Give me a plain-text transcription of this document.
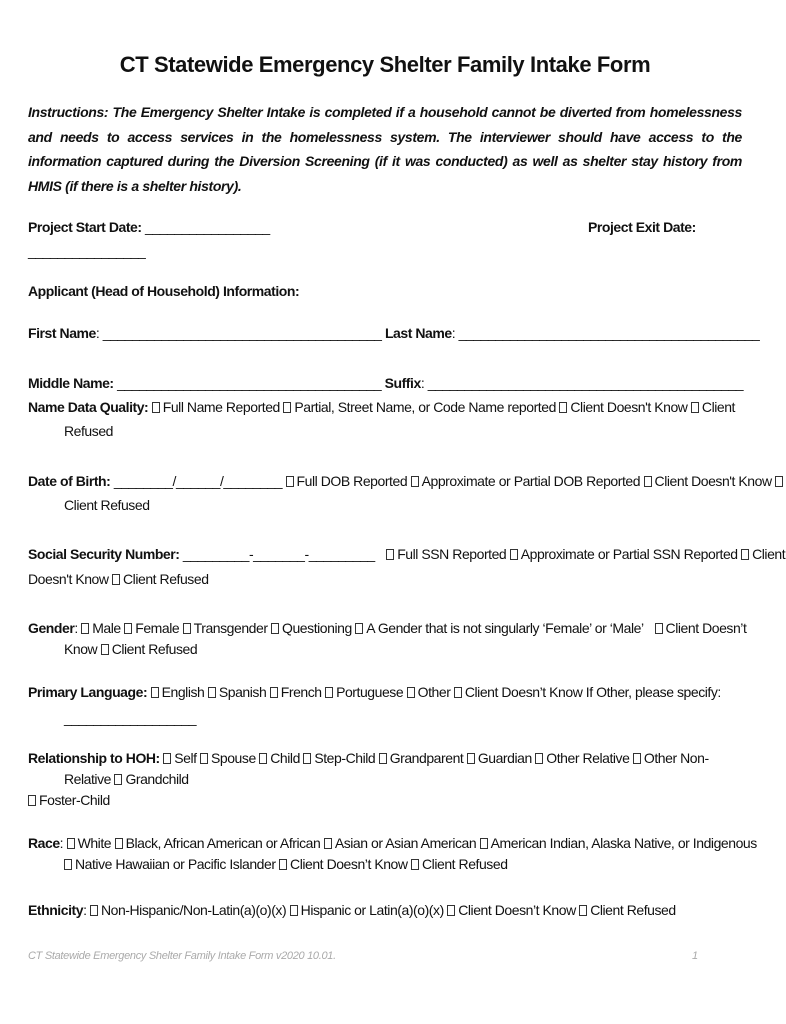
CT Statewide Emergency Shelter Family Intake Form
Instructions: The Emergency Shelter Intake is completed if a household cannot be diverted from homelessness and needs to access services in the homelessness system. The interviewer should have access to the information captured during the Diversion Screening (if it was conducted) as well as shelter stay history from HMIS (if there is a shelter history).
Project Start Date: _________________	Project Exit Date:
________________
Applicant (Head of Household) Information:
First Name: ______________________________________ Last Name: _________________________________________
Middle Name: ____________________________________ Suffix: ___________________________________________
Name Data Quality: Full Name Reported Partial, Street Name, or Code Name reported Client Doesn't Know Client
Refused
Date of Birth: ________/______/________ Full DOB Reported Approximate or Partial DOB Reported Client Doesn't Know
Client Refused
Social Security Number: _________-_______-_________ Full SSN Reported Approximate or Partial SSN Reported Client
Doesn't Know Client Refused
Gender: Male Female Transgender Questioning A Gender that is not singularly ‘Female’ or ‘Male’ Client Doesn’t
Know Client Refused
Primary Language: English Spanish French Portuguese Other Client Doesn’t Know If Other, please specify:
__________________
Relationship to HOH: Self Spouse Child Step-Child Grandparent Guardian Other Relative Other Non-
Relative Grandchild
Foster-Child
Race: White Black, African American or African Asian or Asian American American Indian, Alaska Native, or Indigenous
Native Hawaiian or Pacific Islander Client Doesn’t Know Client Refused
Ethnicity: Non-Hispanic/Non-Latin(a)(o)(x) Hispanic or Latin(a)(o)(x) Client Doesn’t Know Client Refused
CT Statewide Emergency Shelter Family Intake Form v2020 10.01.	1
